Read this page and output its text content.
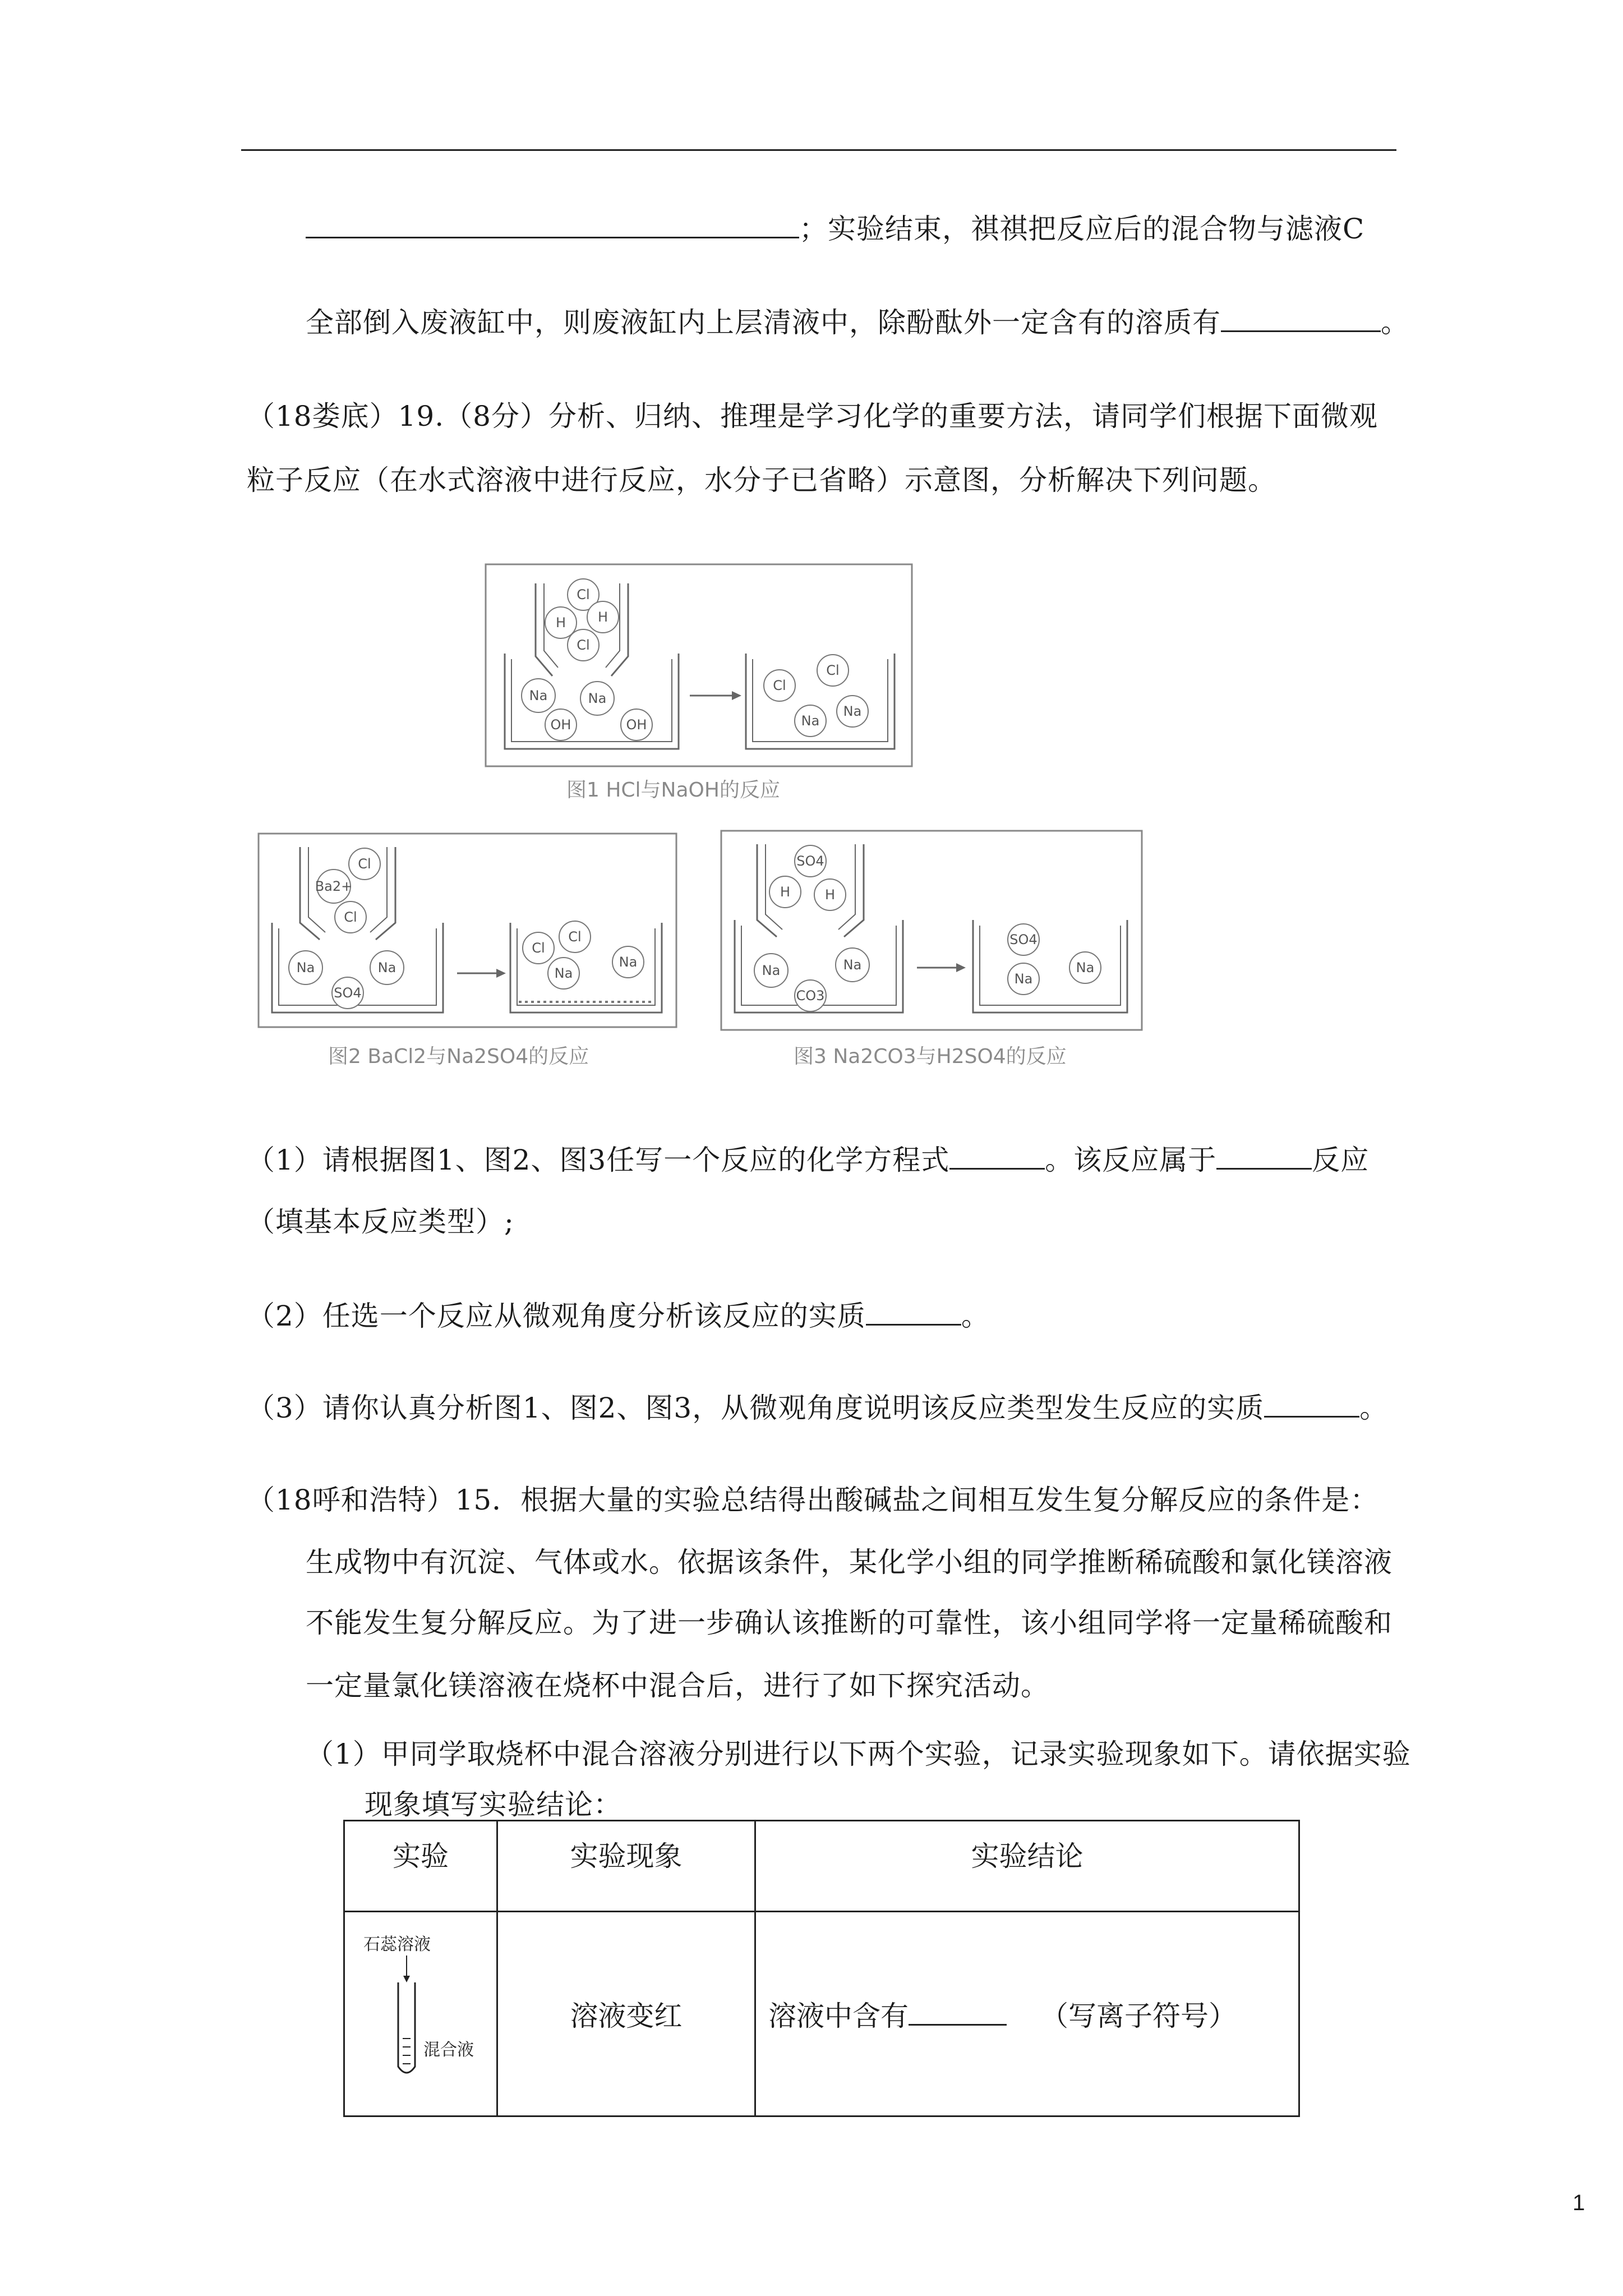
；实验结束，祺祺把反应后的混合物与滤液C
全部倒入废液缸中，则废液缸内上层清液中，除酚酞外一定含有的溶质有	。
（18娄底）19.（8分）分析、归纳、推理是学习化学的重要方法，请同学们根据下面微观
粒子反应（在水式溶液中进行反应，水分子已省略）示意图，分析解决下列问题。
Cl
H
H
Cl
Na	Na
OH	OH
Cl
Cl
Na
Na
图1 HCl与NaOH的反应
Cl
Ba2+
Cl
Na	Na
SO4
Cl
Cl
Na
Na
图2 BaCl2与Na2SO4的反应
SO4
H	H
Na	Na
CO3
SO4
Na
Na
图3 Na2CO3与H2SO4的反应
（1）请根据图1、图2、图3任写一个反应的化学方程式	。该反应属于	反应
（填基本反应类型）;
（2）任选一个反应从微观角度分析该反应的实质	。
（3）请你认真分析图1、图2、图3，从微观角度说明该反应类型发生反应的实质	。
（18呼和浩特）15．根据大量的实验总结得出酸碱盐之间相互发生复分解反应的条件是：
生成物中有沉淀、气体或水。依据该条件，某化学小组的同学推断稀硫酸和氯化镁溶液
不能发生复分解反应。为了进一步确认该推断的可靠性，该小组同学将一定量稀硫酸和
一定量氯化镁溶液在烧杯中混合后，进行了如下探究活动。
（1）甲同学取烧杯中混合溶液分别进行以下两个实验，记录实验现象如下。请依据实验
现象填写实验结论：
实验	实验现象	实验结论

石蕊溶液
混合液	溶液变红	溶液中含有 （写离子符号）
1
